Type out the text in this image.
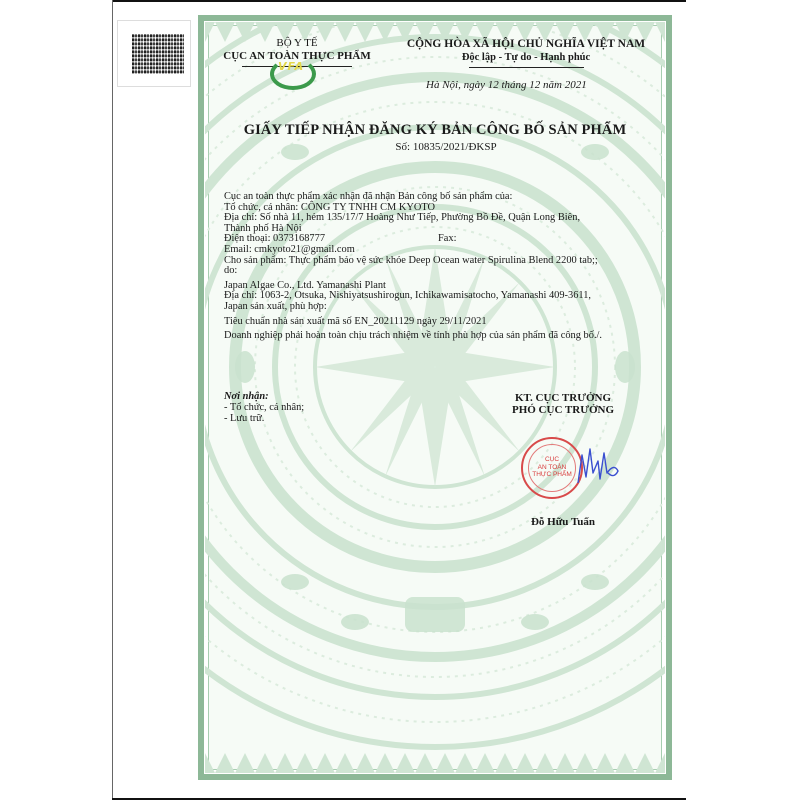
BỘ Y TẾ
CỤC AN TOÀN THỰC PHẨM
VFA
CỘNG HÒA XÃ HỘI CHỦ NGHĨA VIỆT NAM
Độc lập - Tự do - Hạnh phúc
Hà Nội, ngày 12 tháng 12 năm 2021
GIẤY TIẾP NHẬN ĐĂNG KÝ BẢN CÔNG BỐ SẢN PHẨM
Số: 10835/2021/ĐKSP
Cục an toàn thực phẩm xác nhận đã nhận Bản công bố sản phẩm của:
Tổ chức, cá nhân: CÔNG TY TNHH CM KYOTO
Địa chỉ: Số nhà 11, hẻm 135/17/7 Hoàng Như Tiếp, Phường Bồ Đề, Quận Long Biên,
Thành phố Hà Nội
Điện thoại: 0373168777	Fax:
Email: cmkyoto21@gmail.com
Cho sản phẩm: Thực phẩm bảo vệ sức khỏe Deep Ocean water Spirulina Blend 2200 tab;;
do:
Japan Algae Co., Ltd. Yamanashi Plant
Địa chỉ: 1063-2, Otsuka, Nishiyatsushirogun, Ichikawamisatocho, Yamanashi 409-3611,
Japan sản xuất, phù hợp:
Tiêu chuẩn nhà sản xuất mã số EN_20211129 ngày 29/11/2021
Doanh nghiệp phải hoàn toàn chịu trách nhiệm về tính phù hợp của sản phẩm đã công bố./.
Nơi nhận:
- Tổ chức, cá nhân;
- Lưu trữ.
KT. CỤC TRƯỞNG
PHÓ CỤC TRƯỞNG
CỤC
AN TOÀN
THỰC PHẨM
Đỗ Hữu Tuấn
